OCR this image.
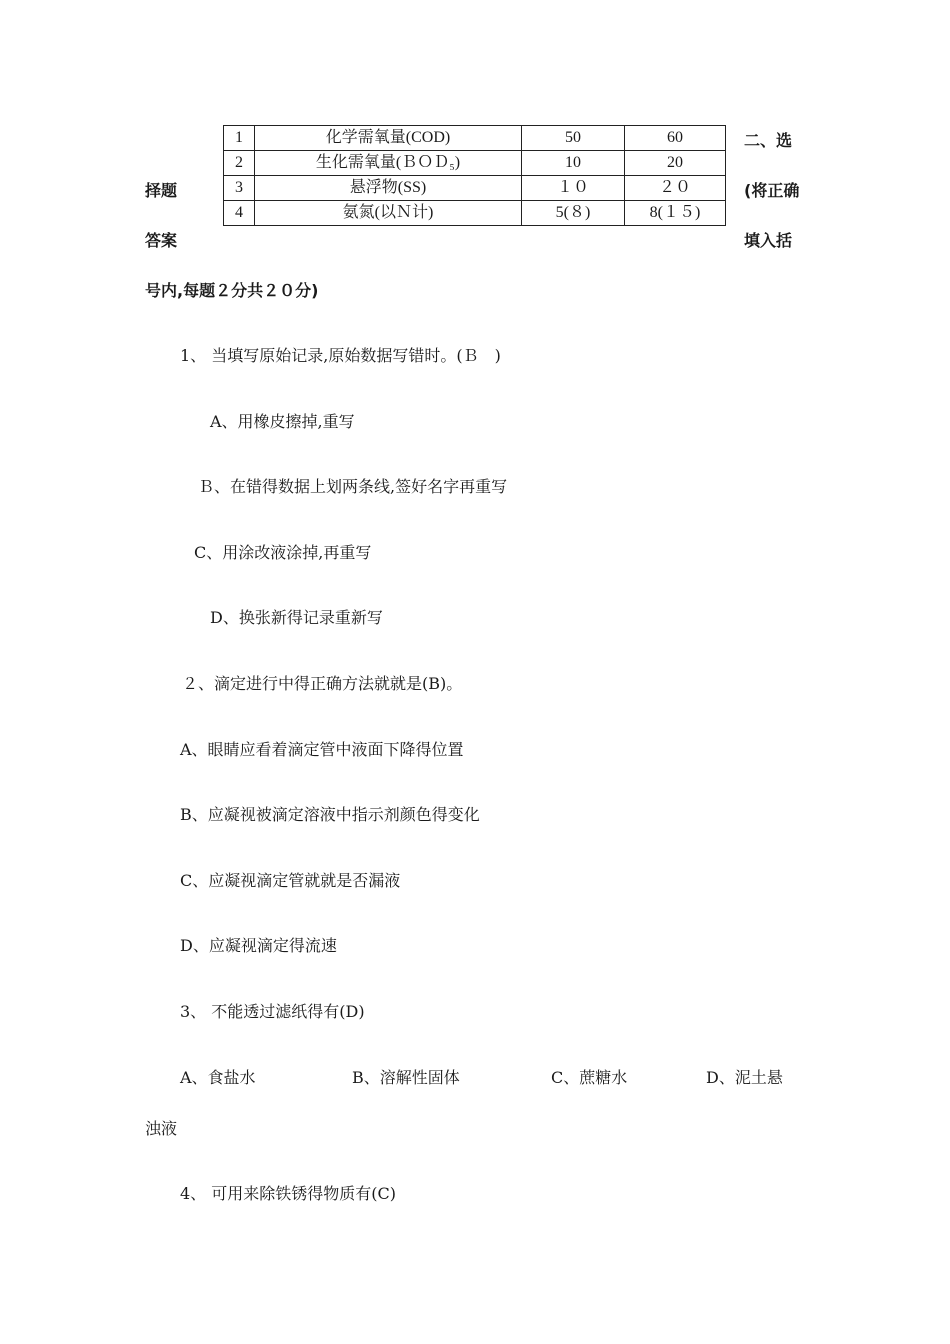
1	化学需氧量(COD)	50	60
2	生化需氧量(ＢＯＤ₅)	10	20
3	悬浮物(SS)	１０	２０
4	氨氮(以Ｎ计)	5(８)	8(１５)
二、选
择题	(将正确
答案	填入括
号内,每题２分共２０分)
1、 当填写原始记录,原始数据写错时。(Ｂ　)
A、用橡皮擦掉,重写
Ｂ、在错得数据上划两条线,签好名字再重写
C、用涂改液涂掉,再重写
D、换张新得记录重新写
２、滴定进行中得正确方法就就是(B)。
A、眼睛应看着滴定管中液面下降得位置
B、应凝视被滴定溶液中指示剂颜色得变化
C、应凝视滴定管就就是否漏液
D、应凝视滴定得流速
3、 不能透过滤纸得有(D)
A、食盐水	B、溶解性固体	C、蔗糖水	D、泥土悬
浊液
4、 可用来除铁锈得物质有(C)
